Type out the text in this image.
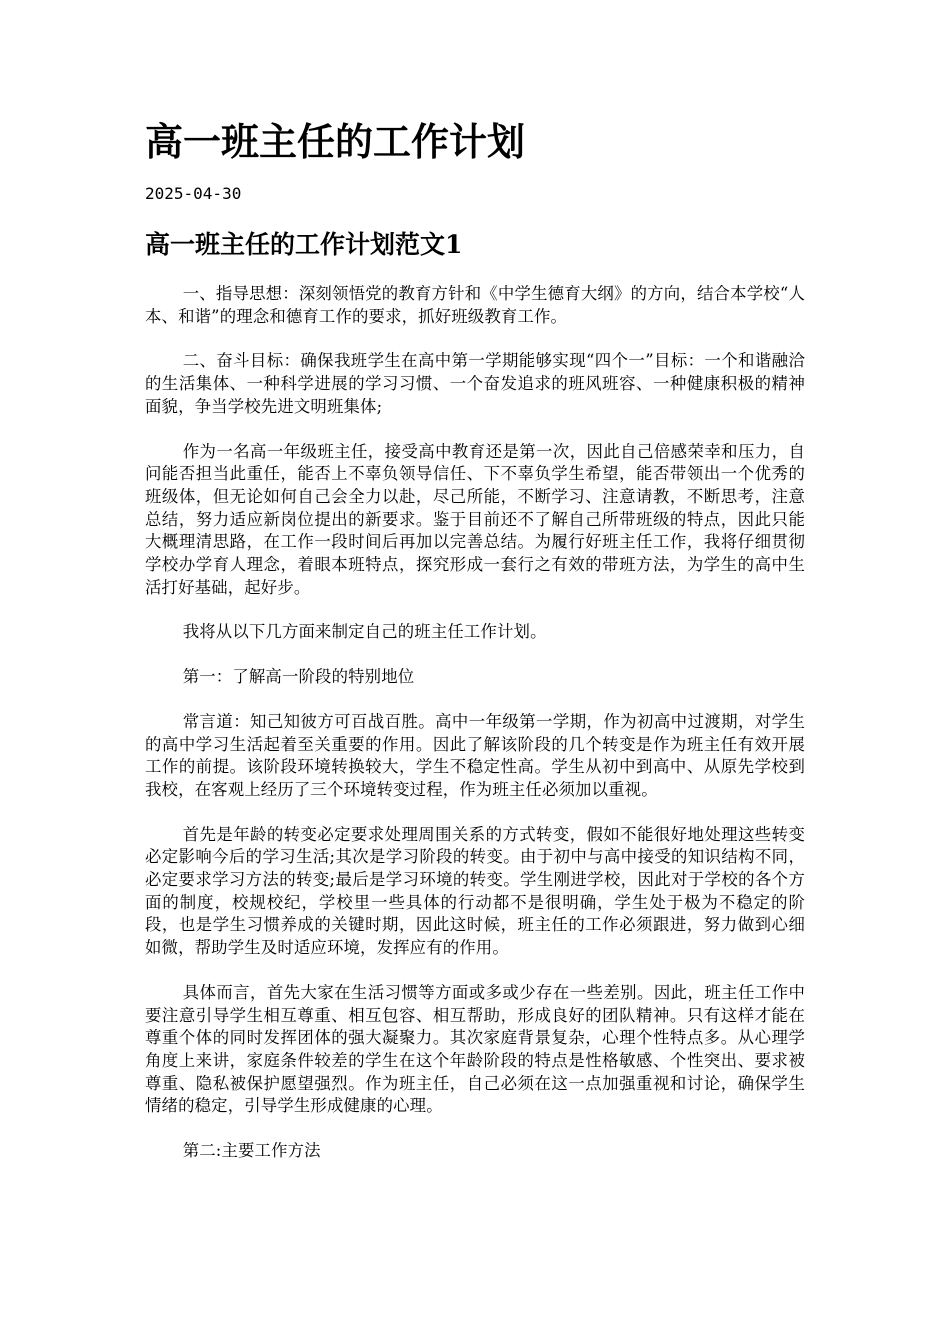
高一班主任的工作计划
2025-04-30
高一班主任的工作计划范文1

一、指导思想：深刻领悟党的教育方针和《中学生德育大纲》的方向，结合本学校“人本、和谐”的理念和德育工作的要求，抓好班级教育工作。

二、奋斗目标：确保我班学生在高中第一学期能够实现“四个一”目标：一个和谐融洽的生活集体、一种科学进展的学习习惯、一个奋发追求的班风班容、一种健康积极的精神面貌，争当学校先进文明班集体;

作为一名高一年级班主任，接受高中教育还是第一次，因此自己倍感荣幸和压力，自问能否担当此重任，能否上不辜负领导信任、下不辜负学生希望，能否带领出一个优秀的班级体，但无论如何自己会全力以赴，尽己所能，不断学习、注意请教，不断思考，注意总结，努力适应新岗位提出的新要求。鉴于目前还不了解自己所带班级的特点，因此只能大概理清思路，在工作一段时间后再加以完善总结。为履行好班主任工作，我将仔细贯彻学校办学育人理念，着眼本班特点，探究形成一套行之有效的带班方法，为学生的高中生活打好基础，起好步。

我将从以下几方面来制定自己的班主任工作计划。

第一：了解高一阶段的特别地位

常言道：知己知彼方可百战百胜。高中一年级第一学期，作为初高中过渡期，对学生的高中学习生活起着至关重要的作用。因此了解该阶段的几个转变是作为班主任有效开展工作的前提。该阶段环境转换较大，学生不稳定性高。学生从初中到高中、从原先学校到我校，在客观上经历了三个环境转变过程，作为班主任必须加以重视。

首先是年龄的转变必定要求处理周围关系的方式转变，假如不能很好地处理这些转变必定影响今后的学习生活;其次是学习阶段的转变。由于初中与高中接受的知识结构不同，必定要求学习方法的转变;最后是学习环境的转变。学生刚进学校，因此对于学校的各个方面的制度，校规校纪，学校里一些具体的行动都不是很明确，学生处于极为不稳定的阶段，也是学生习惯养成的关键时期，因此这时候，班主任的工作必须跟进，努力做到心细如微，帮助学生及时适应环境，发挥应有的作用。

具体而言，首先大家在生活习惯等方面或多或少存在一些差别。因此，班主任工作中要注意引导学生相互尊重、相互包容、相互帮助，形成良好的团队精神。只有这样才能在尊重个体的同时发挥团体的强大凝聚力。其次家庭背景复杂，心理个性特点多。从心理学角度上来讲，家庭条件较差的学生在这个年龄阶段的特点是性格敏感、个性突出、要求被尊重、隐私被保护愿望强烈。作为班主任，自己必须在这一点加强重视和讨论，确保学生情绪的稳定，引导学生形成健康的心理。

第二:主要工作方法
